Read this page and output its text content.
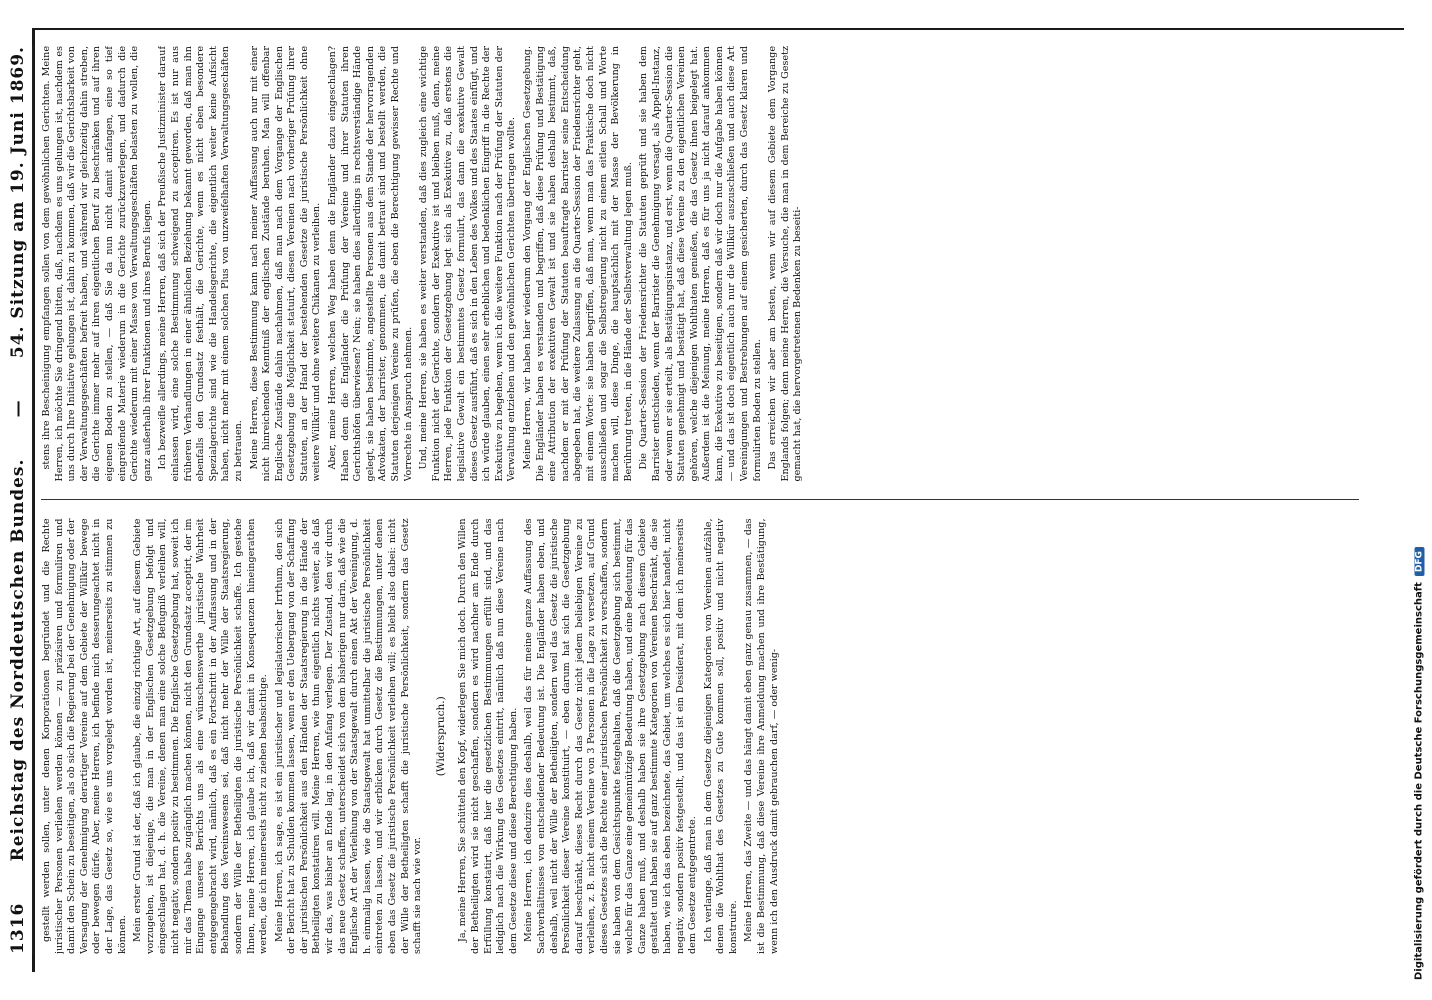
1316
Reichstag des Norddeutschen Bundes.
—
54. Sitzung am 19. Juni 1869.

gestellt werden sollen, unter denen Korporationen begründet und die Rechte juristischer Personen verliehen werden können — zu präzisiren und formuliren und damit den Schein zu beseitigen, als ob sich die Regierung bei der Genehmigung oder der Versagung der Genehmigung derartiger Vereine auf dem Gebiete der Willkür bewege oder bewegen dürfe. Aber, meine Herren, ich befinde mich desserungeachtet nicht in der Lage, das Gesetz so, wie es uns vorgelegt worden ist, meinerseits zu stimmen zu können. Mein erster Grund ist der, daß ich glaube, die einzig richtige Art, auf diesem Gebiete vorzugehen, ist diejenige, die man in der Englischen Gesetzgebung befolgt und eingeschlagen hat, d. h. die Vereine, denen man eine solche Befugniß verleihen will, nicht negativ, sondern positiv zu bestimmen. Die Englische Gesetzgebung hat, soweit ich mir das Thema habe zugänglich machen können, nicht den Grundsatz acceptirt, der im Eingange unseres Berichts uns als eine wünschenswerthe juristische Wahrheit entgegengebracht wird, nämlich, daß es ein Fortschritt in der Auffassung und in der Behandlung des Vereinswesens sei, daß nicht mehr der Wille der Staatsregierung, sondern der Wille der Betheiligten die juristische Persönlichkeit schaffe. Ich gestehe Ihnen, meine Herren, ich glaube ich, daß wir damit in Konsequenzen hineingerathen werden, die ich meinerseits nicht zu ziehen beabsichtige. Meine Herren, ich sage, es ist ein juristischer und legislatorischer Irrthum, den sich der Bericht hat zu Schulden kommen lassen, wenn er den Uebergang von der Schaffung der juristischen Persönlichkeit aus den Händen der Staatsregierung in die Hände der Betheiligten konstatiren will. Meine Herren, wie thun eigentlich nichts weiter, als daß wir das, was bisher an Ende lag, in den Anfang verlegen. Der Zustand, den wir durch das neue Gesetz schaffen, unterscheidet sich von dem bisherigen nur darin, daß wie die Englische Art der Verleihung von der Staatsgewalt durch einen Akt der Vereinigung, d. h. einmalig lassen, wie die Staatsgewalt hat unmittelbar die juristische Persönlichkeit eintreten zu lassen, und wir erblicken durch Gesetz die Bestimmungen, unter denen eben das Gesetz die juristische Persönlichkeit verleihen will; es bleibt also dabei: nicht der Wille der Betheiligten schafft die juristische Persönlichkeit, sondern das Gesetz schafft sie nach wie vor.

(Widerspruch.) Ja, meine Herren, Sie schütteln den Kopf, widerlegen Sie mich doch. Durch den Willen der Betheiligten wird sie nicht geschaffen, sondern es wird nachher am Ende durch Erfüllung konstatirt, daß hier die gesetzlichen Bestimmungen erfüllt sind, und das lediglich nach die Wirkung des Gesetzes eintritt, nämlich daß nun diese Vereine nach dem Gesetze diese und diese Berechtigung haben. Meine Herren, ich deduzire dies deshalb, weil das für meine ganze Auffassung des Sachverhältnisses von entscheidender Bedeutung ist. Die Engländer haben eben, und deshalb, weil nicht der Wille der Betheiligten, sondern weil das Gesetz die juristische Persönlichkeit dieser Vereine konstituirt, — eben darum hat sich die Gesetzgebung darauf beschränkt, dieses Recht durch das Gesetz nicht jedem beliebigen Vereine zu verleihen, z. B. nicht einem Vereine von 3 Personen in die Lage zu versetzen, auf Grund dieses Gesetzes sich die Rechte einer juristischen Persönlichkeit zu verschaffen, sondern sie haben von dem Gesichtspunkte festgehalten, daß die Gesetzgebung sich bestimmt, welche für das Ganze eine gemeinnützige Bedeutung haben, und eine Bedeutung für das Ganze haben muß, und deshalb haben sie ihre Gesetzgebung nach diesem Gebiete gestaltet und haben sie auf ganz bestimmte Kategorien von Vereinen beschränkt, die sie haben, wie ich das eben bezeichnete, das Gebiet, um welches es sich hier handelt, nicht negativ, sondern positiv festgestellt, und das ist ein Desiderat, mit dem ich meinerseits dem Gesetze entgegentrete. Ich verlange, daß man in dem Gesetze diejenigen Kategorien von Vereinen aufzähle, denen die Wohlthat des Gesetzes zu Gute kommen soll, positiv und nicht negativ konstruire. Meine Herren, das Zweite — und das hängt damit eben ganz genau zusammen, — das ist die Bestimmung, daß diese Vereine ihre Anmeldung machen und ihre Bestätigung, wenn ich den Ausdruck damit gebrauchen darf, — oder wenig-

stens ihre Bescheinigung empfangen sollen von dem gewöhnlichen Gerichten. Meine Herren, ich möchte Sie dringend bitten, daß, nachdem es uns gelungen ist, nachdem es uns durch Ihre Initiative gelungen ist, dahin zu kommen, daß wir die Gerichtsbarkeit von der Verwaltungsgeschäften befreit haben, und während wir gleichzeitig dahin streben, die Gerichte immer mehr auf ihren eigentlichen Beruf zu beschränken und auf ihren eigenen Boden zu stellen, — daß Sie da nun nicht damit anfangen, eine so tief eingreifende Materie wiederum in die Gerichte zurückzuverlegen, und dadurch die Gerichte wiederum mit einer Masse von Verwaltungsgeschäften belasten zu wollen, die ganz außerhalb ihrer Funktionen und ihres Berufs liegen. Ich bezweifle allerdings, meine Herren, daß sich der Preußische Justizminister darauf einlassen wird, eine solche Bestimmung schweigend zu acceptiren. Es ist nur aus früheren Verhandlungen in einer ähnlichen Beziehung bekannt geworden, daß man ihn ebenfalls den Grundsatz festhält, die Gerichte, wenn es nicht eben besondere Spezialgerichte sind wie die Handelsgerichte, die eigentlich weiter keine Aufsicht haben, nicht mehr mit einem solchen Plus von unzweifelhaften Verwaltungsgeschäften zu betrauen. Meine Herren, diese Bestimmung kann nach meiner Auffassung auch nur mit einer nicht hinreichenden Kenntniß der englischen Zustände beruhen. Man will offenbar Englische Zustände dahin nachahmen, daß man nach dem Vorgange der Englischen Gesetzgebung die Möglichkeit statuirt, diesen Vereinen nach vorheriger Prüfung ihrer Statuten, an der Hand der bestehenden Gesetze die juristische Persönlichkeit ohne weitere Willkür und ohne weitere Chikanen zu verleihen. Aber, meine Herren, welchen Weg haben denn die Engländer dazu eingeschlagen? Haben denn die Engländer die Prüfung der Vereine und ihrer Statuten ihren Gerichtshöfen überwiesen? Nein; sie haben dies allerdings in rechtsverständige Hände gelegt, sie haben bestimmte, angestellte Personen aus dem Stande der hervorragenden Advokaten, der barrister, genommen, die damit betraut sind und bestellt werden, die Statuten derjenigen Vereine zu prüfen, die eben die Berechtigung gewisser Rechte und Vorrechte in Anspruch nehmen. Und, meine Herren, sie haben es weiter verstanden, daß dies zugleich eine wichtige Funktion nicht der Gerichte, sondern der Exekutive ist und bleiben muß, denn, meine Herren, jede Funktion der Gesetzgebung legt sich als Exekutive zu, daß erstens die legislative Gewalt ein bestimmtes Gesetz formulirt, das dann die exekutive Gewalt dieses Gesetz ausführt, daß es sich in den Leben des Volkes und des Staates einfügt, und ich würde glauben, einen sehr erheblichen und bedenklichen Eingriff in die Rechte der Exekutive zu begehen, wenn ich die weitere Funktion nach der Prüfung der Statuten der Verwaltung entziehen und den gewöhnlichen Gerichten übertragen wollte. Meine Herren, wir haben hier wiederum den Vorgang der Englischen Gesetzgebung. Die Engländer haben es verstanden und begriffen, daß diese Prüfung und Bestätigung eine Attribution der exekutiven Gewalt ist und sie haben deshalb bestimmt, daß, nachdem er mit der Prüfung der Statuten beauftragte Barrister seine Entscheidung abgegeben hat, die weitere Zulassung an die Quarter-Session der Friedensrichter geht, mit einem Worte: sie haben begriffen, daß man, wenn man das Praktische doch nicht ausschließen und sogar die Selbstregierung nicht zu einem eitlen Schall und Worte machen will, diese Dinge, die hauptsächlich mit der Masse der Bevölkerung in Berührung treten, in die Hände der Selbstverwaltung legen muß. Die Quarter-Session der Friedensrichter die Statuten geprüft und sie haben dem Barrister entschieden, wenn der Barrister die Genehmigung versagt, als Appell-Instanz, oder wenn er sie erteilt, als Bestätigungsinstanz, und erst, wenn die Quarter-Session die Statuten genehmigt und bestätigt hat, daß diese Vereine zu den eigentlichen Vereinen gehören, welche diejenigen Wohlthaten genießen, die das Gesetz ihnen beigelegt hat. Außerdem ist die Meinung, meine Herren, daß es für uns ja nicht darauf ankommen kann, die Exekutive zu beseitigen, sondern daß wir doch nur die Aufgabe haben können — und das ist doch eigentlich auch nur die Willkür auszuschließen und auch diese Art Vereinigungen und Bestrebungen auf einem gesicherten, durch das Gesetz klaren und formulirten Boden zu stellen. Das erreichen wir aber am besten, wenn wir auf diesem Gebiete dem Vorgange Englands folgen; denn meine Herren, die Versuche, die man in dem Bereiche zu Gesetz gemacht hat, die hervorgetretenen Bedenken zu beseiti-

Digitalisierung gefördert durch die Deutsche ForschungsgemeinschaftDFG
